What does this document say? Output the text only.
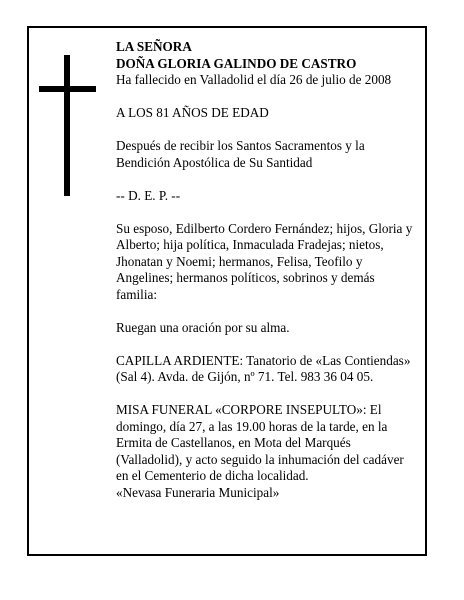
LA SEÑORA

DOÑA GLORIA GALINDO DE CASTRO

Ha fallecido en Valladolid el día 26 de julio de 2008

A LOS 81 AÑOS DE EDAD

Después de recibir los Santos Sacramentos y la

Bendición Apostólica de Su Santidad

-- D. E. P. --

Su esposo, Edilberto Cordero Fernández; hijos, Gloria y

Alberto; hija política, Inmaculada Fradejas; nietos,

Jhonatan y Noemi; hermanos, Felisa, Teofilo y

Angelines; hermanos políticos, sobrinos y demás

familia:

Ruegan una oración por su alma.

CAPILLA ARDIENTE: Tanatorio de «Las Contiendas»

(Sal 4). Avda. de Gijón, nº 71. Tel. 983 36 04 05.

MISA FUNERAL «CORPORE INSEPULTO»: El

domingo, día 27, a las 19.00 horas de la tarde, en la

Ermita de Castellanos, en Mota del Marqués

(Valladolid), y acto seguido la inhumación del cadáver

en el Cementerio de dicha localidad.

«Nevasa Funeraria Municipal»
